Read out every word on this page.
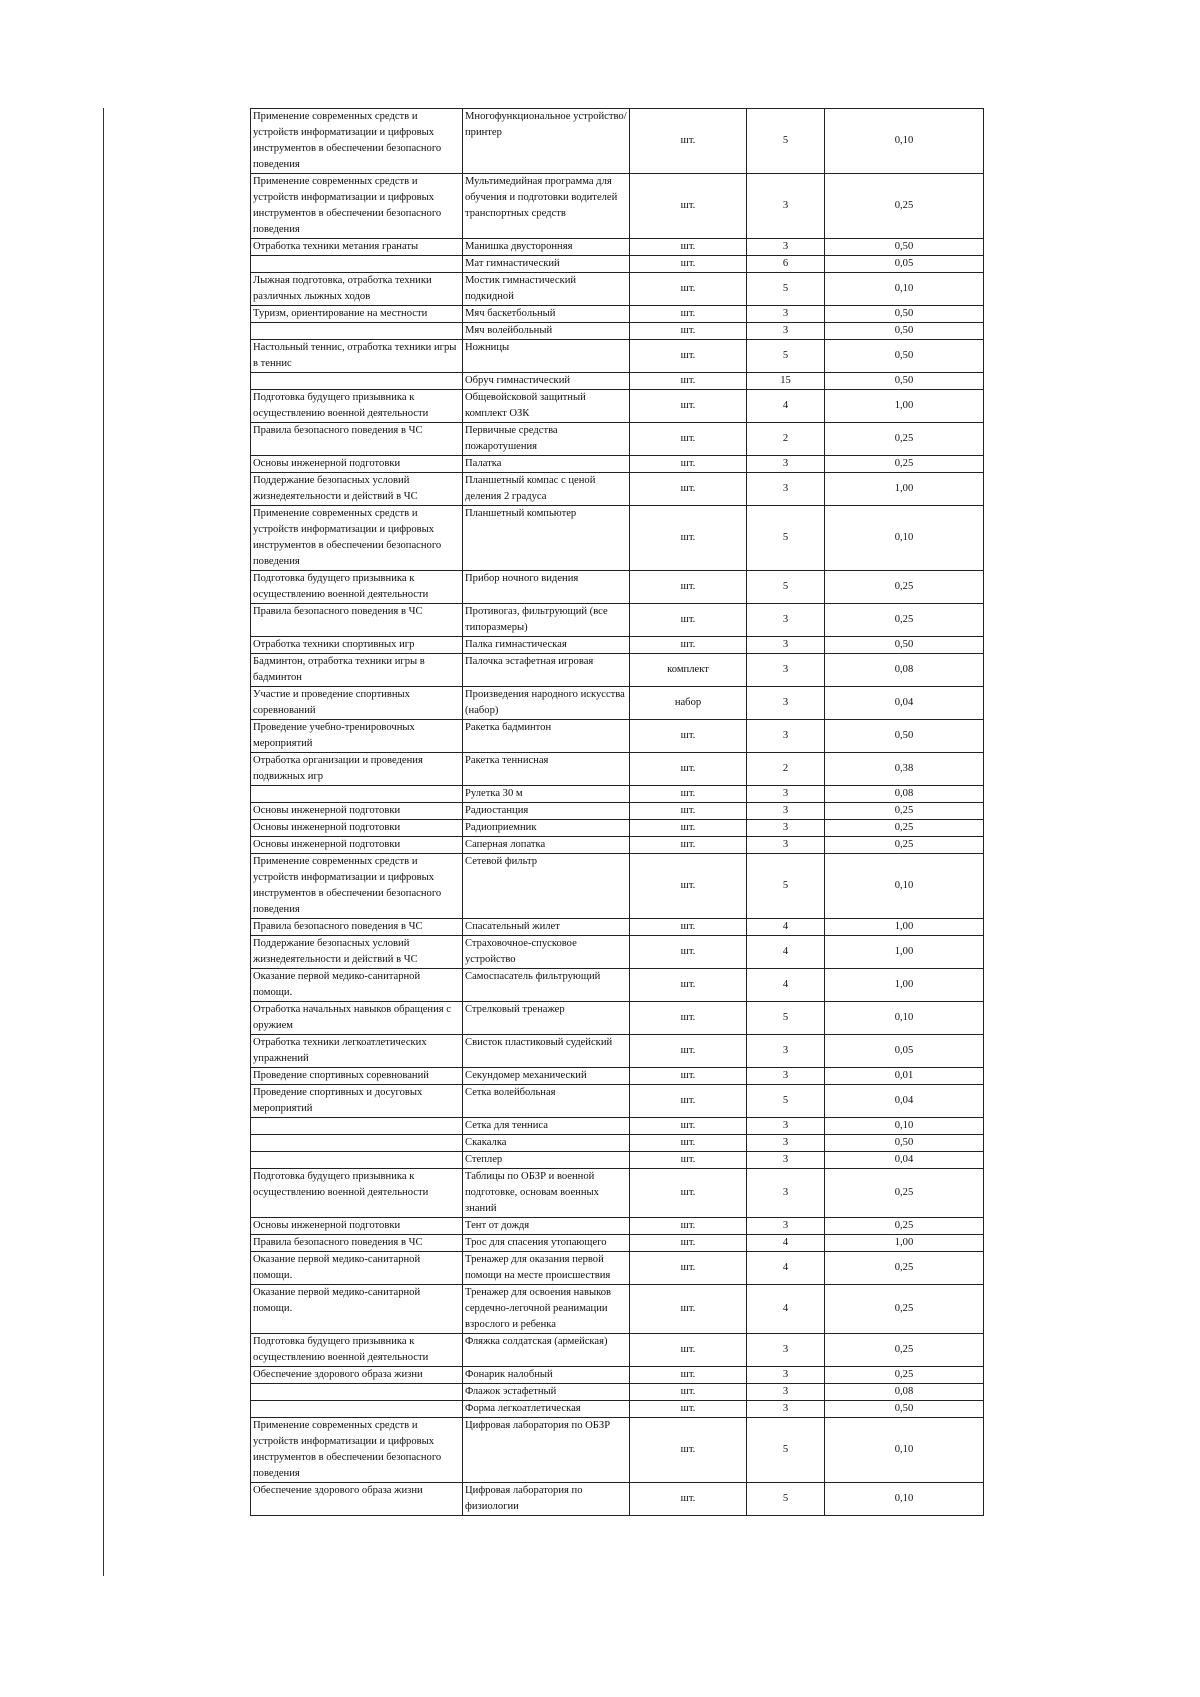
Применение современных средств и устройств информатизации и цифровых инструментов в обеспечении безопасного поведения	Многофункциональное устройство/принтер	шт.	5	0,10
Применение современных средств и устройств информатизации и цифровых инструментов в обеспечении безопасного поведения	Мультимедийная программа для обучения и подготовки водителей транспортных средств	шт.	3	0,25
Отработка техники метания гранаты	Манишка двусторонняя	шт.	3	0,50
	Мат гимнастический	шт.	6	0,05
Лыжная подготовка, отработка техники различных лыжных ходов	Мостик гимнастический подкидной	шт.	5	0,10
Туризм, ориентирование на местности	Мяч баскетбольный	шт.	3	0,50
	Мяч волейбольный	шт.	3	0,50
Настольный теннис, отработка техники игры в теннис	Ножницы	шт.	5	0,50
	Обруч гимнастический	шт.	15	0,50
Подготовка будущего призывника к осуществлению военной деятельности	Общевойсковой защитный комплект ОЗК	шт.	4	1,00
Правила безопасного поведения в ЧС	Первичные средства пожаротушения	шт.	2	0,25
Основы инженерной подготовки	Палатка	шт.	3	0,25
Поддержание безопасных условий жизнедеятельности и действий в ЧС	Планшетный компас с ценой деления 2 градуса	шт.	3	1,00
Применение современных средств и устройств информатизации и цифровых инструментов в обеспечении безопасного поведения	Планшетный компьютер	шт.	5	0,10
Подготовка будущего призывника к осуществлению военной деятельности	Прибор ночного видения	шт.	5	0,25
Правила безопасного поведения в ЧС	Противогаз, фильтрующий (все типоразмеры)	шт.	3	0,25
Отработка техники спортивных игр	Палка гимнастическая	шт.	3	0,50
Бадминтон, отработка техники игры в бадминтон	Палочка эстафетная игровая	комплект	3	0,08
Участие и проведение спортивных соревнований	Произведения народного искусства (набор)	набор	3	0,04
Проведение учебно-тренировочных мероприятий	Ракетка бадминтон	шт.	3	0,50
Отработка организации и проведения подвижных игр	Ракетка теннисная	шт.	2	0,38
	Рулетка 30 м	шт.	3	0,08
Основы инженерной подготовки	Радиостанция	шт.	3	0,25
Основы инженерной подготовки	Радиоприемник	шт.	3	0,25
Основы инженерной подготовки	Саперная лопатка	шт.	3	0,25
Применение современных средств и устройств информатизации и цифровых инструментов в обеспечении безопасного поведения	Сетевой фильтр	шт.	5	0,10
Правила безопасного поведения в ЧС	Спасательный жилет	шт.	4	1,00
Поддержание безопасных условий жизнедеятельности и действий в ЧС	Страховочное-спусковое устройство	шт.	4	1,00
Оказание первой медико-санитарной помощи.	Самоспасатель фильтрующий	шт.	4	1,00
Отработка начальных навыков обращения с оружием	Стрелковый тренажер	шт.	5	0,10
Отработка техники легкоатлетических упражнений	Свисток пластиковый судейский	шт.	3	0,05
Проведение спортивных соревнований	Секундомер механический	шт.	3	0,01
Проведение спортивных и досуговых мероприятий	Сетка волейбольная	шт.	5	0,04
	Сетка для тенниса	шт.	3	0,10
	Скакалка	шт.	3	0,50
	Степлер	шт.	3	0,04
Подготовка будущего призывника к осуществлению военной деятельности	Таблицы по ОБЗР и военной подготовке, основам военных знаний	шт.	3	0,25
Основы инженерной подготовки	Тент от дождя	шт.	3	0,25
Правила безопасного поведения в ЧС	Трос для спасения утопающего	шт.	4	1,00
Оказание первой медико-санитарной помощи.	Тренажер для оказания первой помощи на месте происшествия	шт.	4	0,25
Оказание первой медико-санитарной помощи.	Тренажер для освоения навыков сердечно-легочной реанимации взрослого и ребенка	шт.	4	0,25
Подготовка будущего призывника к осуществлению военной деятельности	Фляжка солдатская (армейская)	шт.	3	0,25
Обеспечение здорового образа жизни	Фонарик налобный	шт.	3	0,25
	Флажок эстафетный	шт.	3	0,08
	Форма легкоатлетическая	шт.	3	0,50
Применение современных средств и устройств информатизации и цифровых инструментов в обеспечении безопасного поведения	Цифровая лаборатория по ОБЗР	шт.	5	0,10
Обеспечение здорового образа жизни	Цифровая лаборатория по физиологии	шт.	5	0,10
